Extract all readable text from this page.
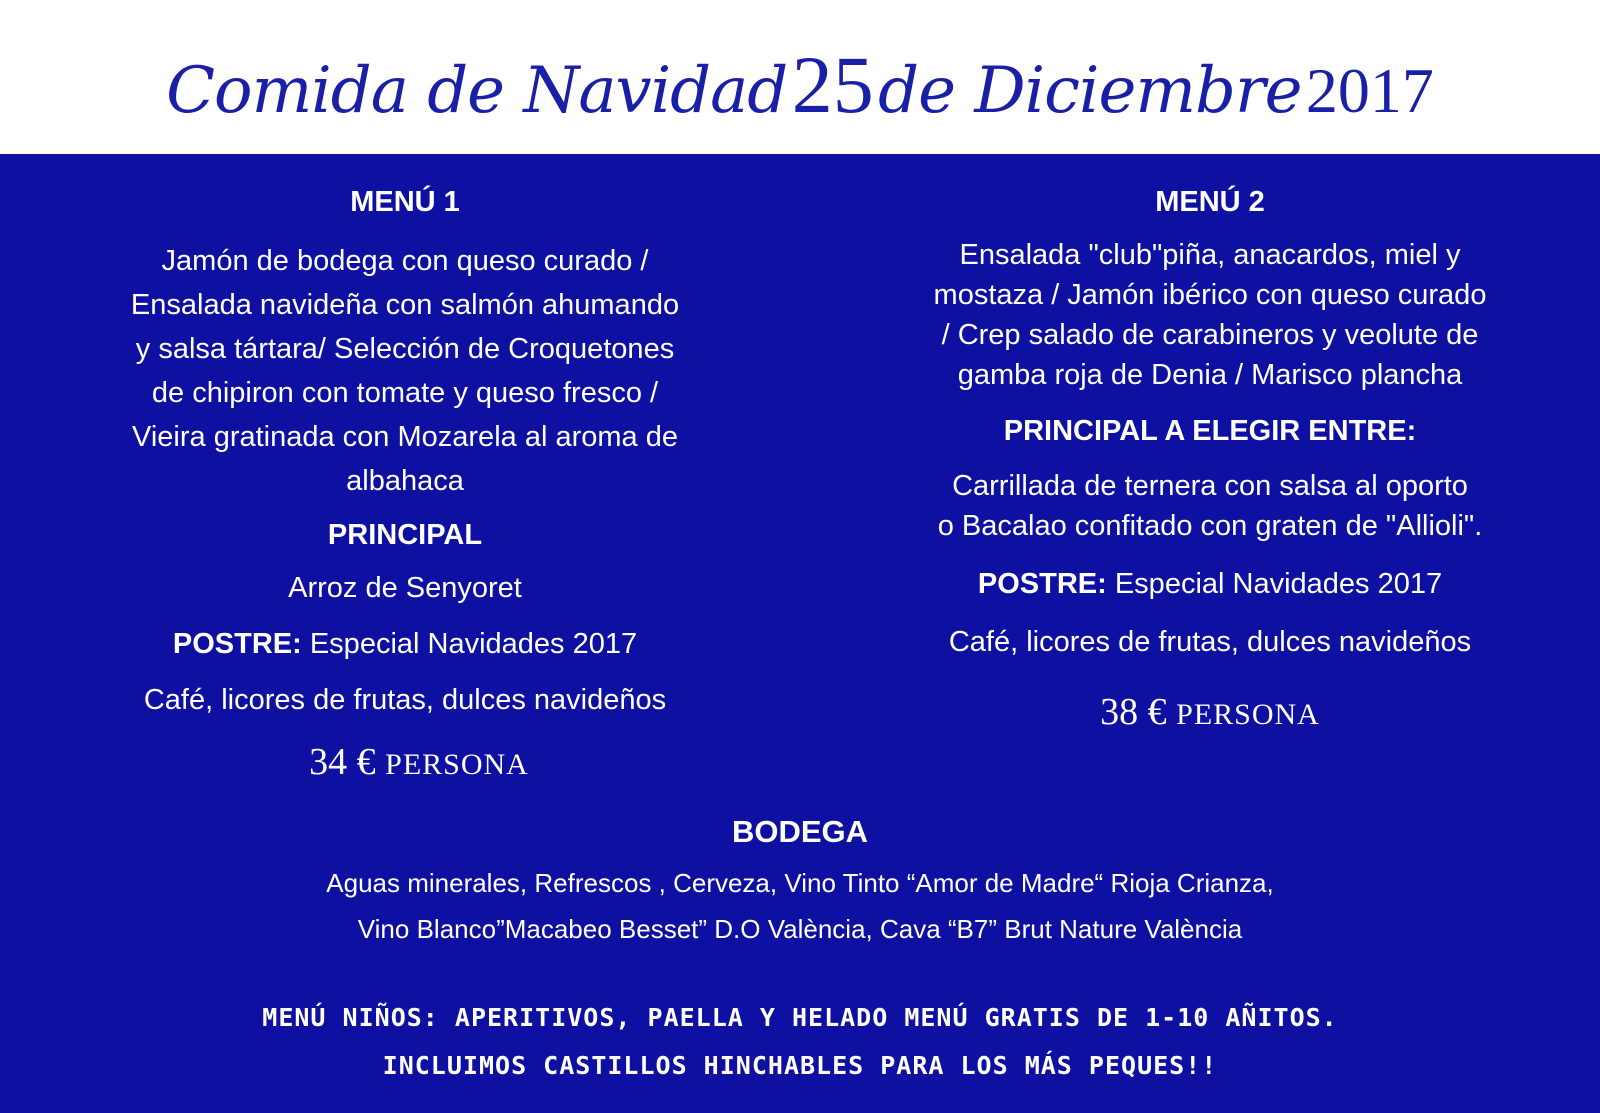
Comida de Navidad 25 de Diciembre 2017

MENÚ 1

Jamón de bodega con queso curado /

Ensalada navideña con salmón ahumando

y salsa tártara/ Selección de Croquetones

de chipiron con tomate y queso fresco /

Vieira gratinada con Mozarela al aroma de

albahaca

PRINCIPAL

Arroz de Senyoret

POSTRE: Especial Navidades 2017

Café, licores de frutas, dulces navideños

34 € PERSONA

MENÚ 2

Ensalada "club"piña, anacardos, miel y

mostaza / Jamón ibérico con queso curado

/ Crep salado de carabineros y veolute de

gamba roja de Denia / Marisco plancha

PRINCIPAL A ELEGIR ENTRE:

Carrillada de ternera con salsa al oporto

o Bacalao confitado con graten de "Allioli".

POSTRE: Especial Navidades 2017

Café, licores de frutas, dulces navideños

38 € PERSONA

BODEGA

Aguas minerales, Refrescos , Cerveza, Vino Tinto “Amor de Madre“ Rioja Crianza,

Vino Blanco”Macabeo Besset” D.O València, Cava “B7” Brut Nature València

MENÚ NIÑOS: APERITIVOS, PAELLA Y HELADO MENÚ GRATIS DE 1-10 AÑITOS.
INCLUIMOS CASTILLOS HINCHABLES PARA LOS MÁS PEQUES!!
